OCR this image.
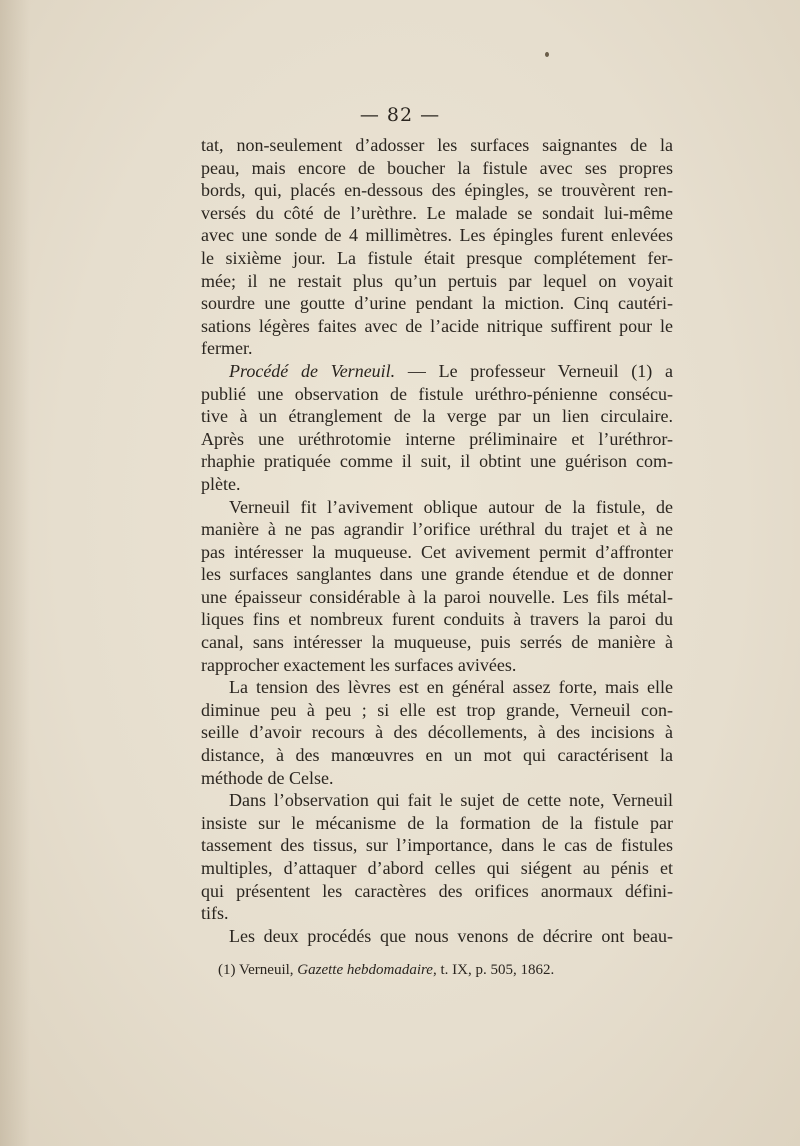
— 82 —
tat, non-seulement d’adosser les surfaces saignantes de la
peau, mais encore de boucher la fistule avec ses propres
bords, qui, placés en-dessous des épingles, se trouvèrent ren-
versés du côté de l’urèthre. Le malade se sondait lui-même
avec une sonde de 4 millimètres. Les épingles furent enlevées
le sixième jour. La fistule était presque complétement fer-
mée; il ne restait plus qu’un pertuis par lequel on voyait
sourdre une goutte d’urine pendant la miction. Cinq cautéri-
sations légères faites avec de l’acide nitrique suffirent pour le
fermer.
Procédé de Verneuil. — Le professeur Verneuil (1) a
publié une observation de fistule uréthro-pénienne consécu-
tive à un étranglement de la verge par un lien circulaire.
Après une uréthrotomie interne préliminaire et l’uréthror-
rhaphie pratiquée comme il suit, il obtint une guérison com-
plète.
Verneuil fit l’avivement oblique autour de la fistule, de
manière à ne pas agrandir l’orifice uréthral du trajet et à ne
pas intéresser la muqueuse. Cet avivement permit d’affronter
les surfaces sanglantes dans une grande étendue et de donner
une épaisseur considérable à la paroi nouvelle. Les fils métal-
liques fins et nombreux furent conduits à travers la paroi du
canal, sans intéresser la muqueuse, puis serrés de manière à
rapprocher exactement les surfaces avivées.
La tension des lèvres est en général assez forte, mais elle
diminue peu à peu ; si elle est trop grande, Verneuil con-
seille d’avoir recours à des décollements, à des incisions à
distance, à des manœuvres en un mot qui caractérisent la
méthode de Celse.
Dans l’observation qui fait le sujet de cette note, Verneuil
insiste sur le mécanisme de la formation de la fistule par
tassement des tissus, sur l’importance, dans le cas de fistules
multiples, d’attaquer d’abord celles qui siégent au pénis et
qui présentent les caractères des orifices anormaux défini-
tifs.
Les deux procédés que nous venons de décrire ont beau-
(1) Verneuil, Gazette hebdomadaire, t. IX, p. 505, 1862.
